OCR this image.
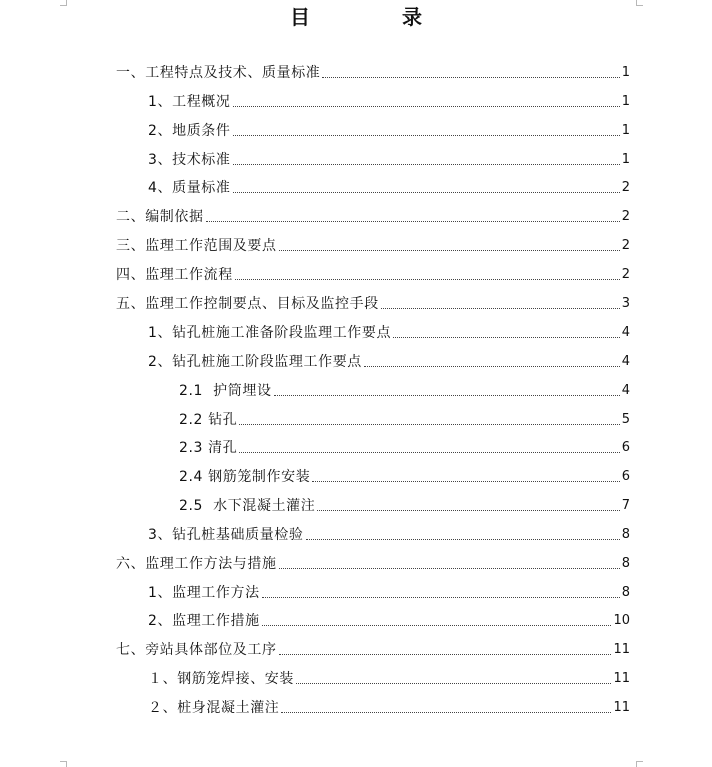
目　录
一、工程特点及技术、质量标准	1
1、工程概况	1
2、地质条件	1
3、技术标准	1
4、质量标准	2
二、编制依据	2
三、监理工作范围及要点	2
四、监理工作流程	2
五、监理工作控制要点、目标及监控手段	3
1、钻孔桩施工准备阶段监理工作要点	4
2、钻孔桩施工阶段监理工作要点	4
2.1  护筒埋设	4
2.2 钻孔	5
2.3 清孔	6
2.4 钢筋笼制作安装	6
2.5  水下混凝土灌注	7
3、钻孔桩基础质量检验	8
六、监理工作方法与措施	8
1、监理工作方法	8
2、监理工作措施	10
七、旁站具体部位及工序	11
１、钢筋笼焊接、安装	11
２、桩身混凝土灌注	11
